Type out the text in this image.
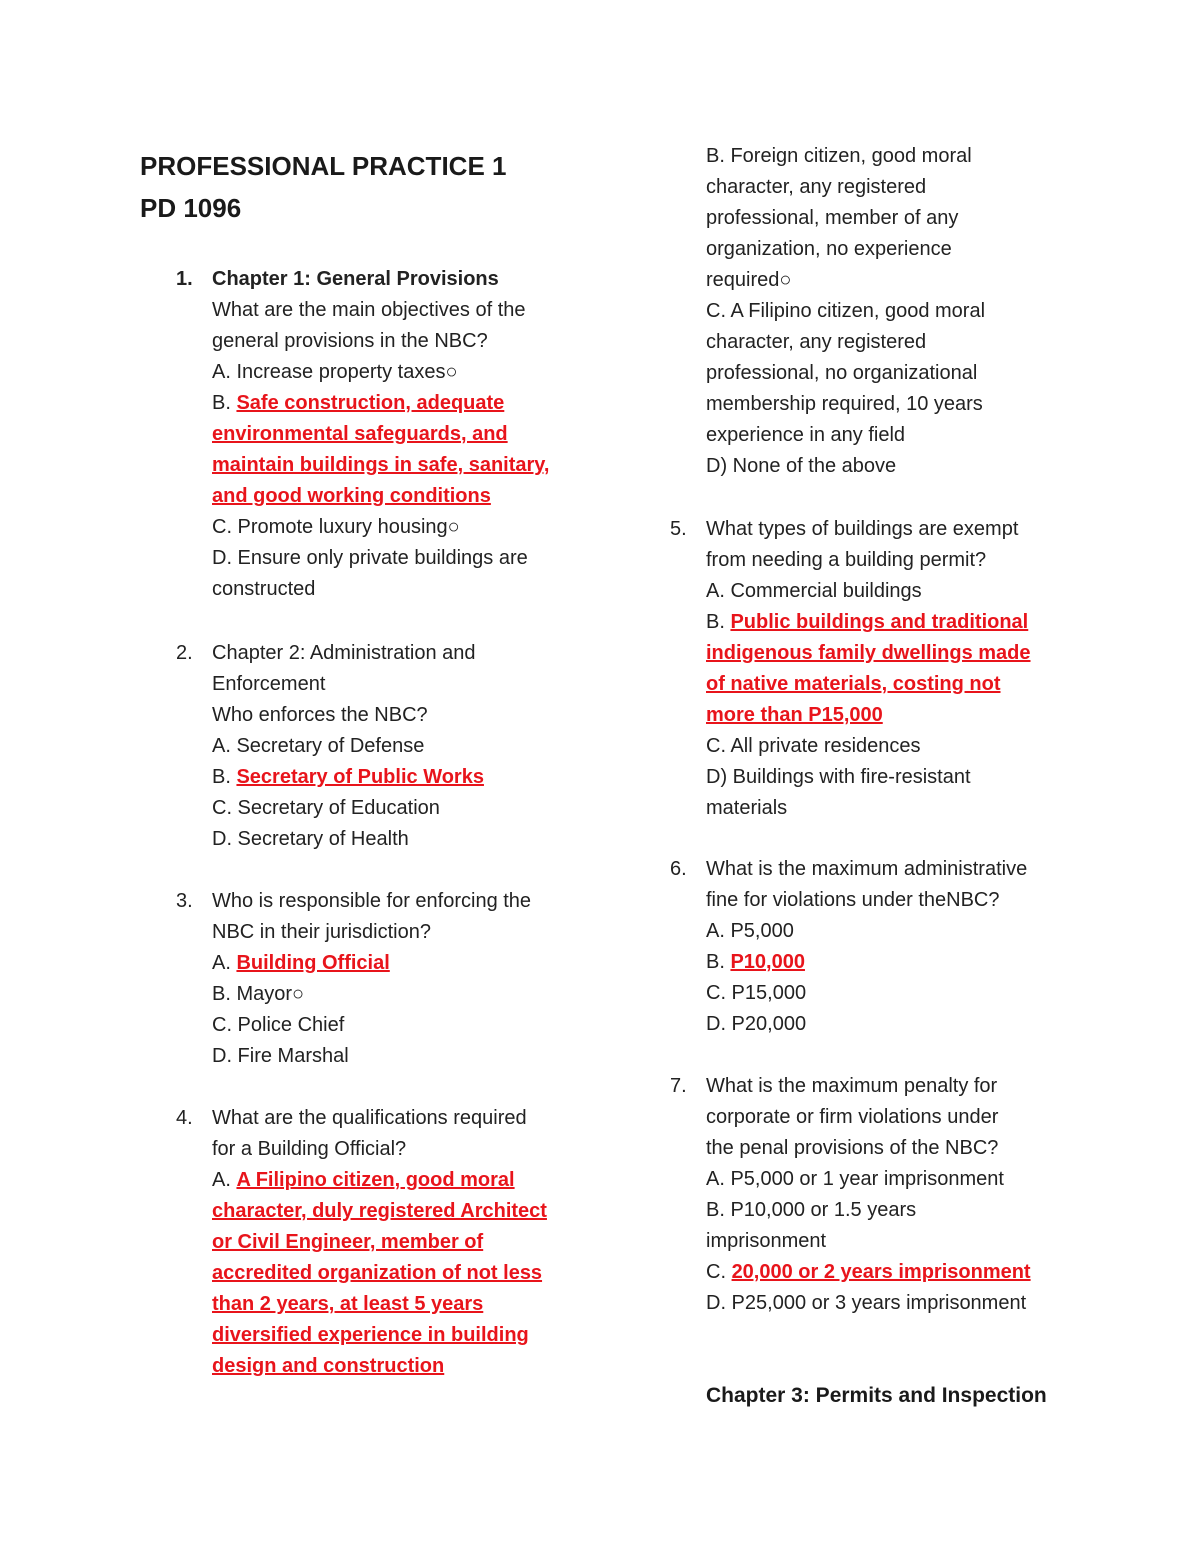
PROFESSIONAL PRACTICE 1
PD 1096
1. Chapter 1: General Provisions
What are the main objectives of the
general provisions in the NBC?
A. Increase property taxes○
B. Safe construction, adequate
environmental safeguards, and
maintain buildings in safe, sanitary,
and good working conditions
C. Promote luxury housing○
D. Ensure only private buildings are
constructed
2. Chapter 2: Administration and
Enforcement
Who enforces the NBC?
A. Secretary of Defense
B. Secretary of Public Works
C. Secretary of Education
D. Secretary of Health
3. Who is responsible for enforcing the
NBC in their jurisdiction?
A. Building Official
B. Mayor○
C. Police Chief
D. Fire Marshal
4. What are the qualifications required
for a Building Official?
A. A Filipino citizen, good moral
character, duly registered Architect
or Civil Engineer, member of
accredited organization of not less
than 2 years, at least 5 years
diversified experience in building
design and construction
B. Foreign citizen, good moral
character, any registered
professional, member of any
organization, no experience
required○
C. A Filipino citizen, good moral
character, any registered
professional, no organizational
membership required, 10 years
experience in any field
D) None of the above
5. What types of buildings are exempt
from needing a building permit?
A. Commercial buildings
B. Public buildings and traditional
indigenous family dwellings made
of native materials, costing not
more than P15,000
C. All private residences
D) Buildings with fire-resistant
materials
6. What is the maximum administrative
fine for violations under theNBC?
A. P5,000
B. P10,000
C. P15,000
D. P20,000
7. What is the maximum penalty for
corporate or firm violations under
the penal provisions of the NBC?
A. P5,000 or 1 year imprisonment
B. P10,000 or 1.5 years
imprisonment
C. 20,000 or 2 years imprisonment
D. P25,000 or 3 years imprisonment
Chapter 3: Permits and Inspection
